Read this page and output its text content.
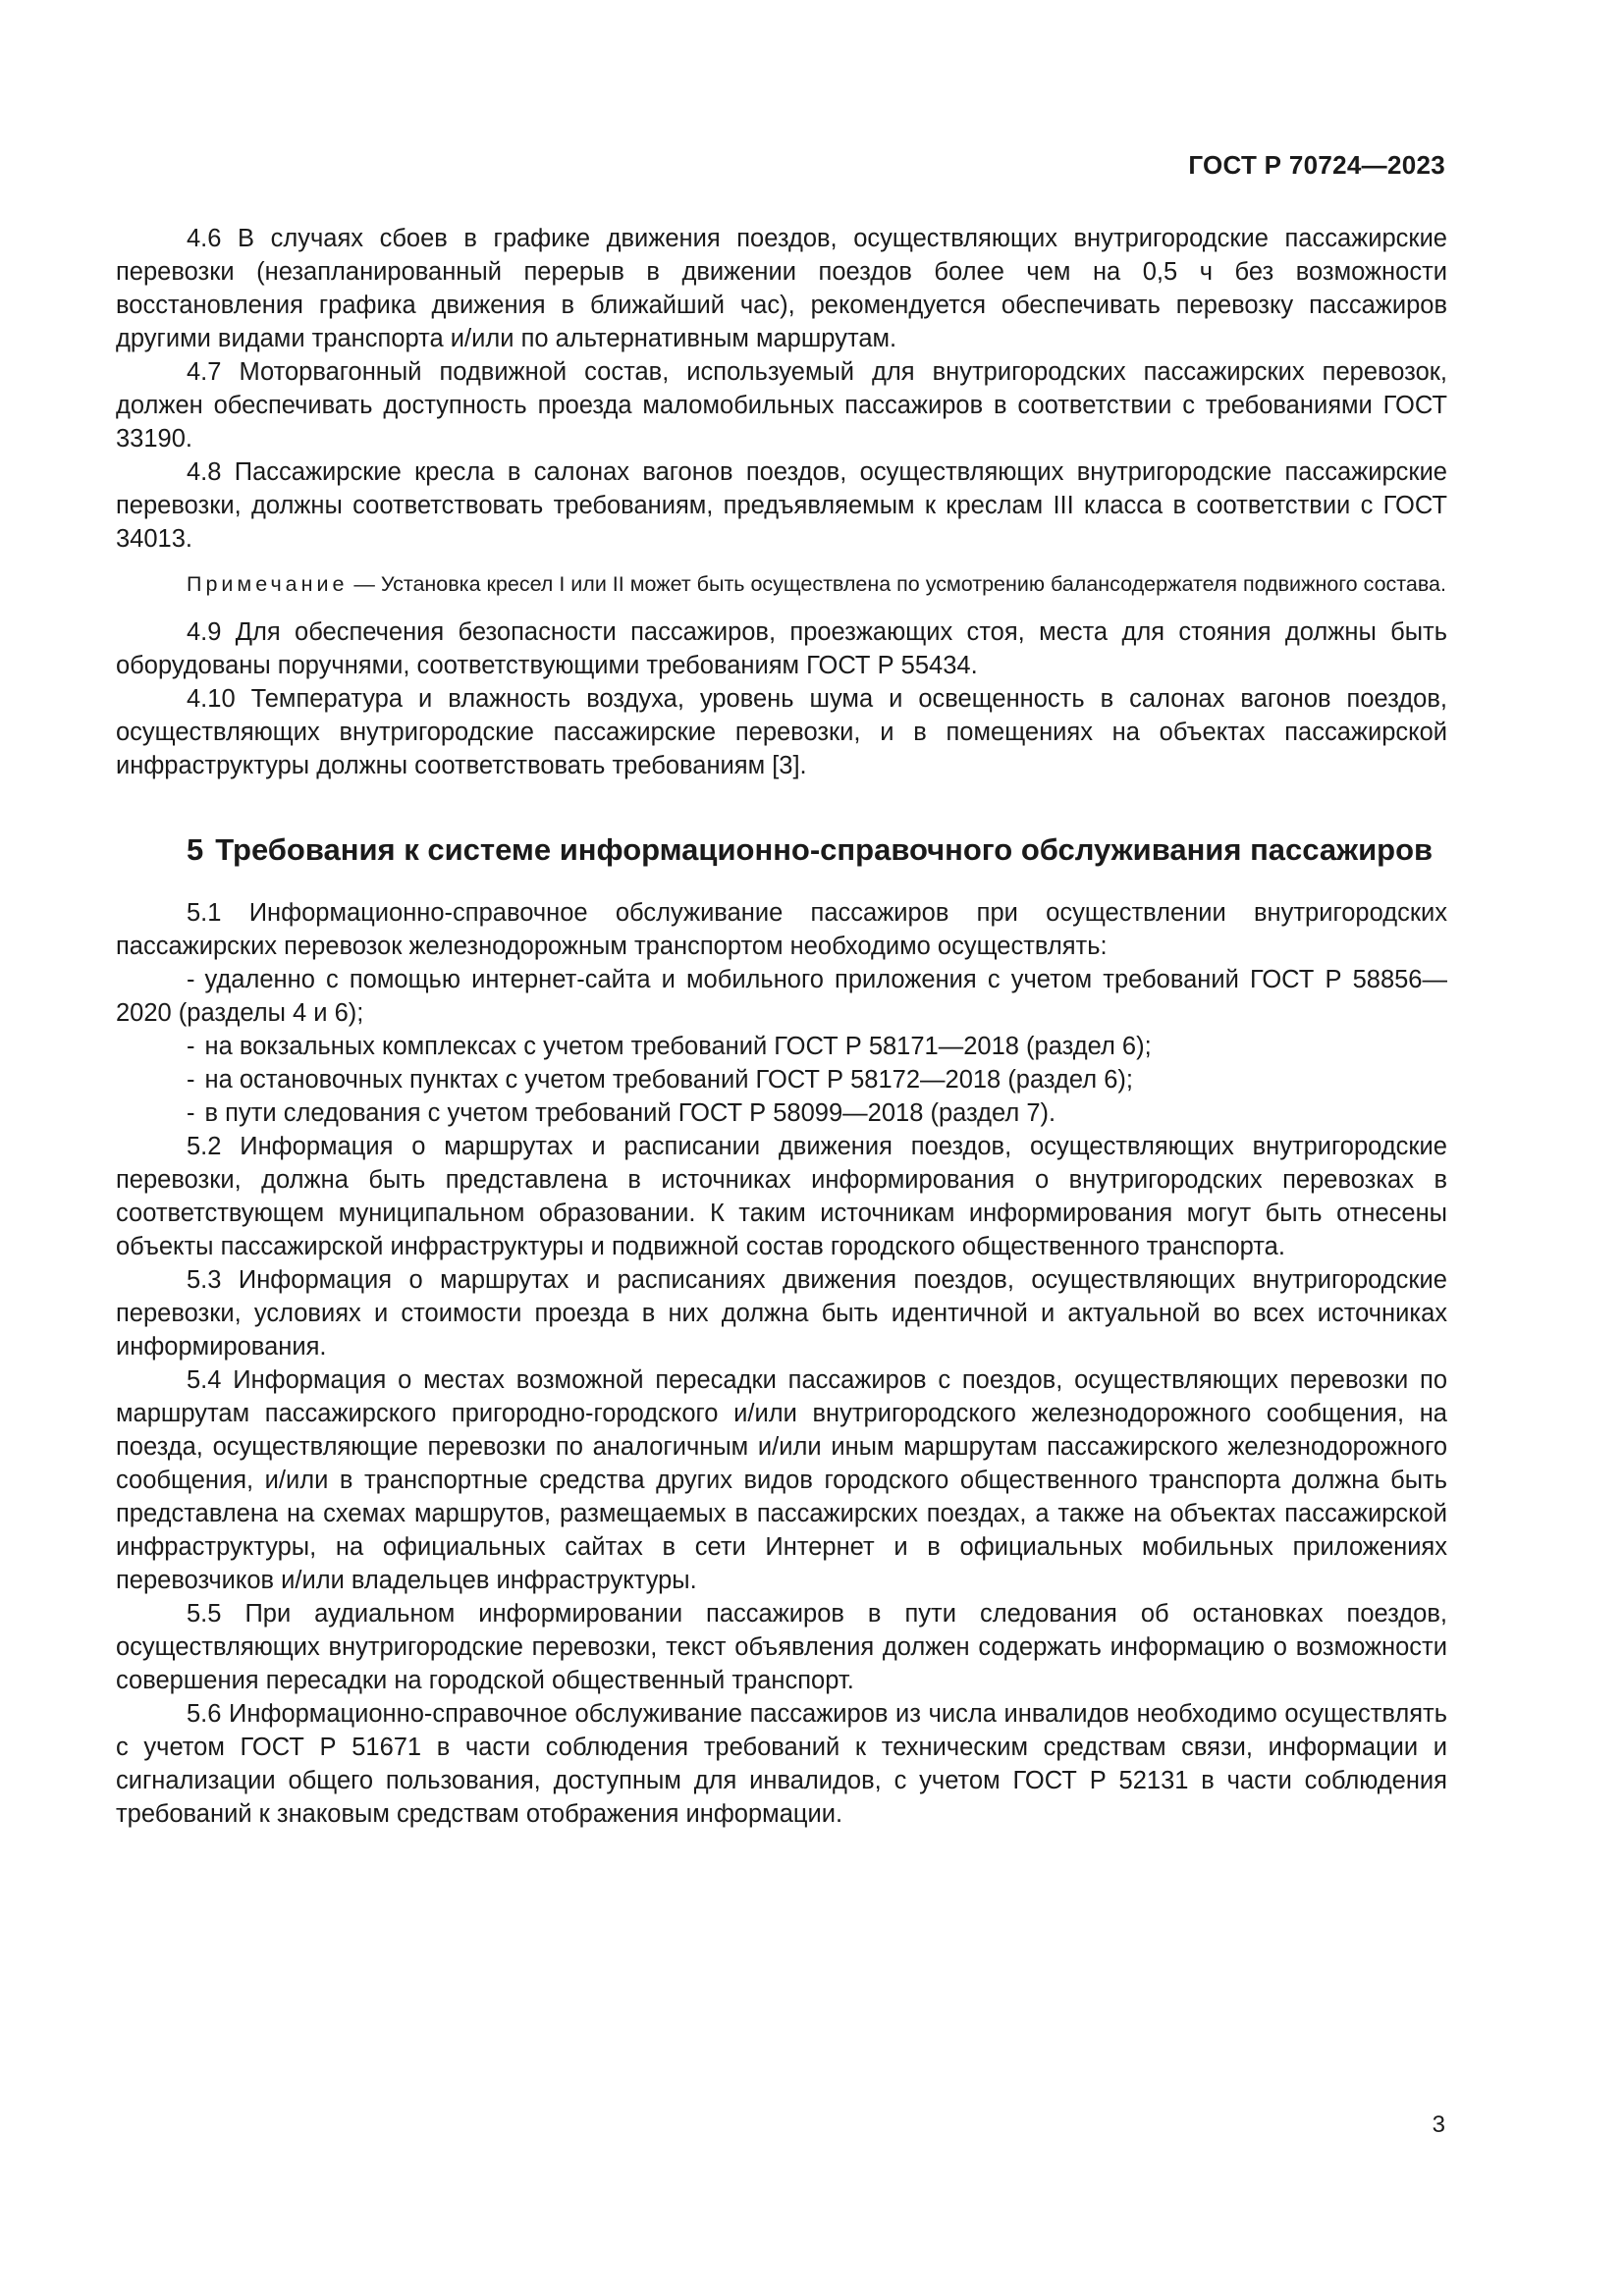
ГОСТ Р 70724—2023

4.6 В случаях сбоев в графике движения поездов, осуществляющих внутригородские пассажирские перевозки (незапланированный перерыв в движении поездов более чем на 0,5 ч без возможности восстановления графика движения в ближайший час), рекомендуется обеспечивать перевозку пассажиров другими видами транспорта и/или по альтернативным маршрутам.

4.7 Моторвагонный подвижной состав, используемый для внутригородских пассажирских перевозок, должен обеспечивать доступность проезда маломобильных пассажиров в соответствии с требованиями ГОСТ 33190.

4.8 Пассажирские кресла в салонах вагонов поездов, осуществляющих внутригородские пассажирские перевозки, должны соответствовать требованиям, предъявляемым к креслам III класса в соответствии с ГОСТ 34013.

Примечание — Установка кресел I или II может быть осуществлена по усмотрению балансодержателя подвижного состава.

4.9 Для обеспечения безопасности пассажиров, проезжающих стоя, места для стояния должны быть оборудованы поручнями, соответствующими требованиям ГОСТ Р 55434.

4.10 Температура и влажность воздуха, уровень шума и освещенность в салонах вагонов поездов, осуществляющих внутригородские пассажирские перевозки, и в помещениях на объектах пассажирской инфраструктуры должны соответствовать требованиям [3].

5 Требования к системе информационно-справочного обслуживания пассажиров

5.1 Информационно-справочное обслуживание пассажиров при осуществлении внутригородских пассажирских перевозок железнодорожным транспортом необходимо осуществлять:

- удаленно с помощью интернет-сайта и мобильного приложения с учетом требований ГОСТ Р 58856—2020 (разделы 4 и 6);

- на вокзальных комплексах с учетом требований ГОСТ Р 58171—2018 (раздел 6);

- на остановочных пунктах с учетом требований ГОСТ Р 58172—2018 (раздел 6);

- в пути следования с учетом требований ГОСТ Р 58099—2018 (раздел 7).

5.2 Информация о маршрутах и расписании движения поездов, осуществляющих внутригородские перевозки, должна быть представлена в источниках информирования о внутригородских перевозках в соответствующем муниципальном образовании. К таким источникам информирования могут быть отнесены объекты пассажирской инфраструктуры и подвижной состав городского общественного транспорта.

5.3 Информация о маршрутах и расписаниях движения поездов, осуществляющих внутригородские перевозки, условиях и стоимости проезда в них должна быть идентичной и актуальной во всех источниках информирования.

5.4 Информация о местах возможной пересадки пассажиров с поездов, осуществляющих перевозки по маршрутам пассажирского пригородно-городского и/или внутригородского железнодорожного сообщения, на поезда, осуществляющие перевозки по аналогичным и/или иным маршрутам пассажирского железнодорожного сообщения, и/или в транспортные средства других видов городского общественного транспорта должна быть представлена на схемах маршрутов, размещаемых в пассажирских поездах, а также на объектах пассажирской инфраструктуры, на официальных сайтах в сети Интернет и в официальных мобильных приложениях перевозчиков и/или владельцев инфраструктуры.

5.5 При аудиальном информировании пассажиров в пути следования об остановках поездов, осуществляющих внутригородские перевозки, текст объявления должен содержать информацию о возможности совершения пересадки на городской общественный транспорт.

5.6 Информационно-справочное обслуживание пассажиров из числа инвалидов необходимо осуществлять с учетом ГОСТ Р 51671 в части соблюдения требований к техническим средствам связи, информации и сигнализации общего пользования, доступным для инвалидов, с учетом ГОСТ Р 52131 в части соблюдения требований к знаковым средствам отображения информации.

3
